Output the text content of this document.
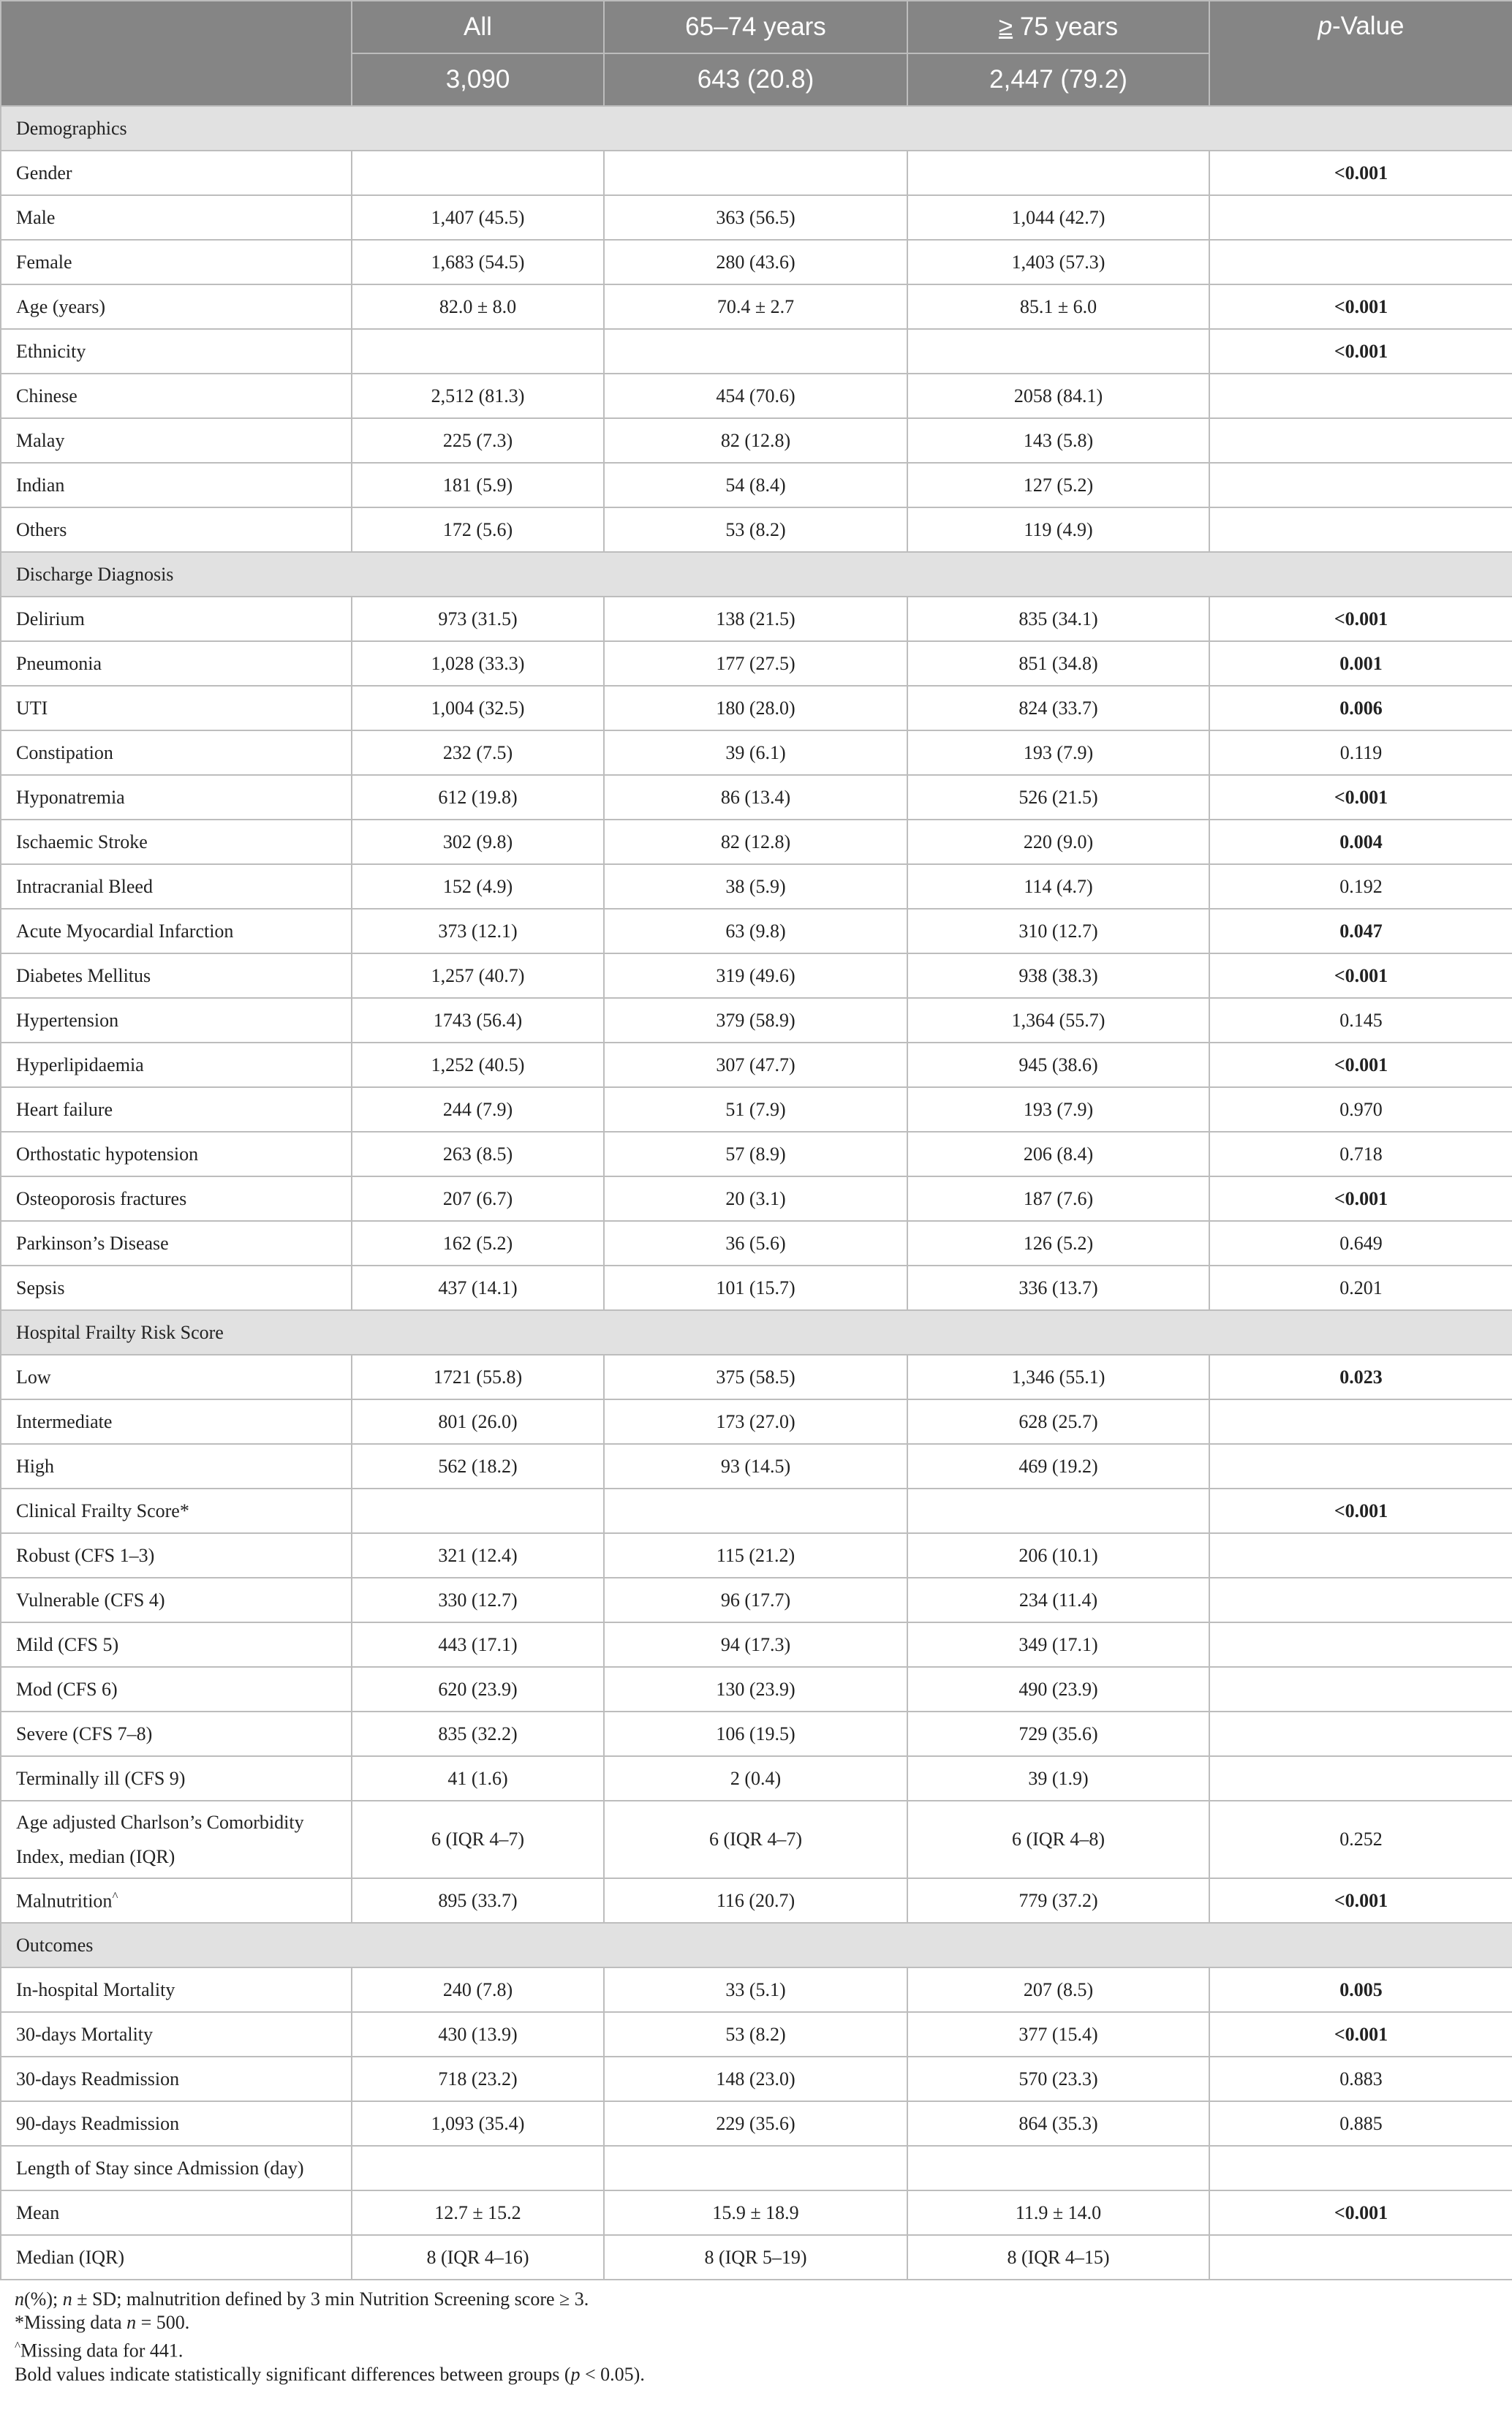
	All	65–74 years	≥ 75 years	p-Value
	3,090	643 (20.8)	2,447 (79.2)	
Demographics				
Gender				<0.001
Male	1,407 (45.5)	363 (56.5)	1,044 (42.7)	
Female	1,683 (54.5)	280 (43.6)	1,403 (57.3)	
Age (years)	82.0 ± 8.0	70.4 ± 2.7	85.1 ± 6.0	<0.001
Ethnicity				<0.001
Chinese	2,512 (81.3)	454 (70.6)	2058 (84.1)	
Malay	225 (7.3)	82 (12.8)	143 (5.8)	
Indian	181 (5.9)	54 (8.4)	127 (5.2)	
Others	172 (5.6)	53 (8.2)	119 (4.9)	
Discharge Diagnosis				
Delirium	973 (31.5)	138 (21.5)	835 (34.1)	<0.001
Pneumonia	1,028 (33.3)	177 (27.5)	851 (34.8)	0.001
UTI	1,004 (32.5)	180 (28.0)	824 (33.7)	0.006
Constipation	232 (7.5)	39 (6.1)	193 (7.9)	0.119
Hyponatremia	612 (19.8)	86 (13.4)	526 (21.5)	<0.001
Ischaemic Stroke	302 (9.8)	82 (12.8)	220 (9.0)	0.004
Intracranial Bleed	152 (4.9)	38 (5.9)	114 (4.7)	0.192
Acute Myocardial Infarction	373 (12.1)	63 (9.8)	310 (12.7)	0.047
Diabetes Mellitus	1,257 (40.7)	319 (49.6)	938 (38.3)	<0.001
Hypertension	1743 (56.4)	379 (58.9)	1,364 (55.7)	0.145
Hyperlipidaemia	1,252 (40.5)	307 (47.7)	945 (38.6)	<0.001
Heart failure	244 (7.9)	51 (7.9)	193 (7.9)	0.970
Orthostatic hypotension	263 (8.5)	57 (8.9)	206 (8.4)	0.718
Osteoporosis fractures	207 (6.7)	20 (3.1)	187 (7.6)	<0.001
Parkinson’s Disease	162 (5.2)	36 (5.6)	126 (5.2)	0.649
Sepsis	437 (14.1)	101 (15.7)	336 (13.7)	0.201
Hospital Frailty Risk Score				
Low	1721 (55.8)	375 (58.5)	1,346 (55.1)	0.023
Intermediate	801 (26.0)	173 (27.0)	628 (25.7)	
High	562 (18.2)	93 (14.5)	469 (19.2)	
Clinical Frailty Score*				<0.001
Robust (CFS 1–3)	321 (12.4)	115 (21.2)	206 (10.1)	
Vulnerable (CFS 4)	330 (12.7)	96 (17.7)	234 (11.4)	
Mild (CFS 5)	443 (17.1)	94 (17.3)	349 (17.1)	
Mod (CFS 6)	620 (23.9)	130 (23.9)	490 (23.9)	
Severe (CFS 7–8)	835 (32.2)	106 (19.5)	729 (35.6)	
Terminally ill (CFS 9)	41 (1.6)	2 (0.4)	39 (1.9)	
Age adjusted Charlson’s Comorbidity Index, median (IQR)	6 (IQR 4–7)	6 (IQR 4–7)	6 (IQR 4–8)	0.252
Malnutrition^	895 (33.7)	116 (20.7)	779 (37.2)	<0.001
Outcomes				
In-hospital Mortality	240 (7.8)	33 (5.1)	207 (8.5)	0.005
30-days Mortality	430 (13.9)	53 (8.2)	377 (15.4)	<0.001
30-days Readmission	718 (23.2)	148 (23.0)	570 (23.3)	0.883
90-days Readmission	1,093 (35.4)	229 (35.6)	864 (35.3)	0.885
Length of Stay since Admission (day)				
Mean	12.7 ± 15.2	15.9 ± 18.9	11.9 ± 14.0	<0.001
Median (IQR)	8 (IQR 4–16)	8 (IQR 5–19)	8 (IQR 4–15)	
n(%); n ± SD; malnutrition defined by 3 min Nutrition Screening score ≥ 3.
*Missing data n = 500.
^Missing data for 441.
Bold values indicate statistically significant differences between groups (p < 0.05).
